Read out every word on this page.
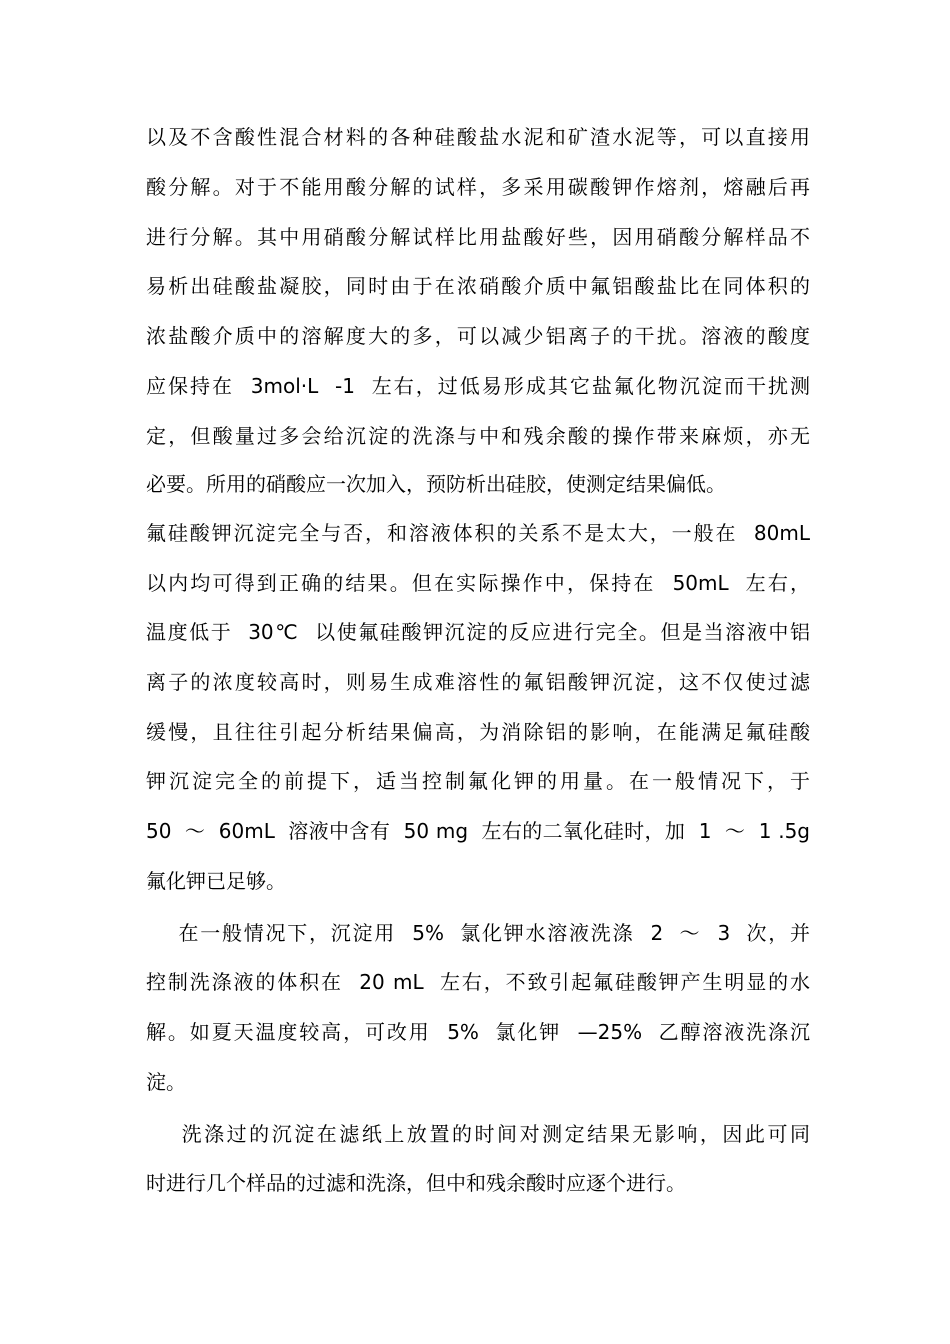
以及不含酸性混合材料的各种硅酸盐水泥和矿渣水泥等，可以直接用
酸分解。对于不能用酸分解的试样，多采用碳酸钾作熔剂，熔融后再
进行分解。其中用硝酸分解试样比用盐酸好些，因用硝酸分解样品不
易析出硅酸盐凝胶，同时由于在浓硝酸介质中氟铝酸盐比在同体积的
浓盐酸介质中的溶解度大的多，可以减少铝离子的干扰。溶液的酸度
应保持在  3mol·L  -1  左右，过低易形成其它盐氟化物沉淀而干扰测
定，但酸量过多会给沉淀的洗涤与中和残余酸的操作带来麻烦，亦无
必要。所用的硝酸应一次加入，预防析出硅胶，使测定结果偏低。
氟硅酸钾沉淀完全与否，和溶液体积的关系不是太大，一般在  80mL
以内均可得到正确的结果。但在实际操作中，保持在  50mL  左右，
温度低于  30℃  以使氟硅酸钾沉淀的反应进行完全。但是当溶液中铝
离子的浓度较高时，则易生成难溶性的氟铝酸钾沉淀，这不仅使过滤
缓慢，且往往引起分析结果偏高，为消除铝的影响，在能满足氟硅酸
钾沉淀完全的前提下，适当控制氟化钾的用量。在一般情况下，于
50  ～  60mL  溶液中含有  50 mg  左右的二氧化硅时，加  1  ～  1 .5g
氟化钾已足够。
在一般情况下，沉淀用  5%  氯化钾水溶液洗涤  2  ～  3  次，并
控制洗涤液的体积在  20 mL  左右，不致引起氟硅酸钾产生明显的水
解。如夏天温度较高，可改用  5%  氯化钾  —25%  乙醇溶液洗涤沉
淀。
洗涤过的沉淀在滤纸上放置的时间对测定结果无影响，因此可同
时进行几个样品的过滤和洗涤，但中和残余酸时应逐个进行。
